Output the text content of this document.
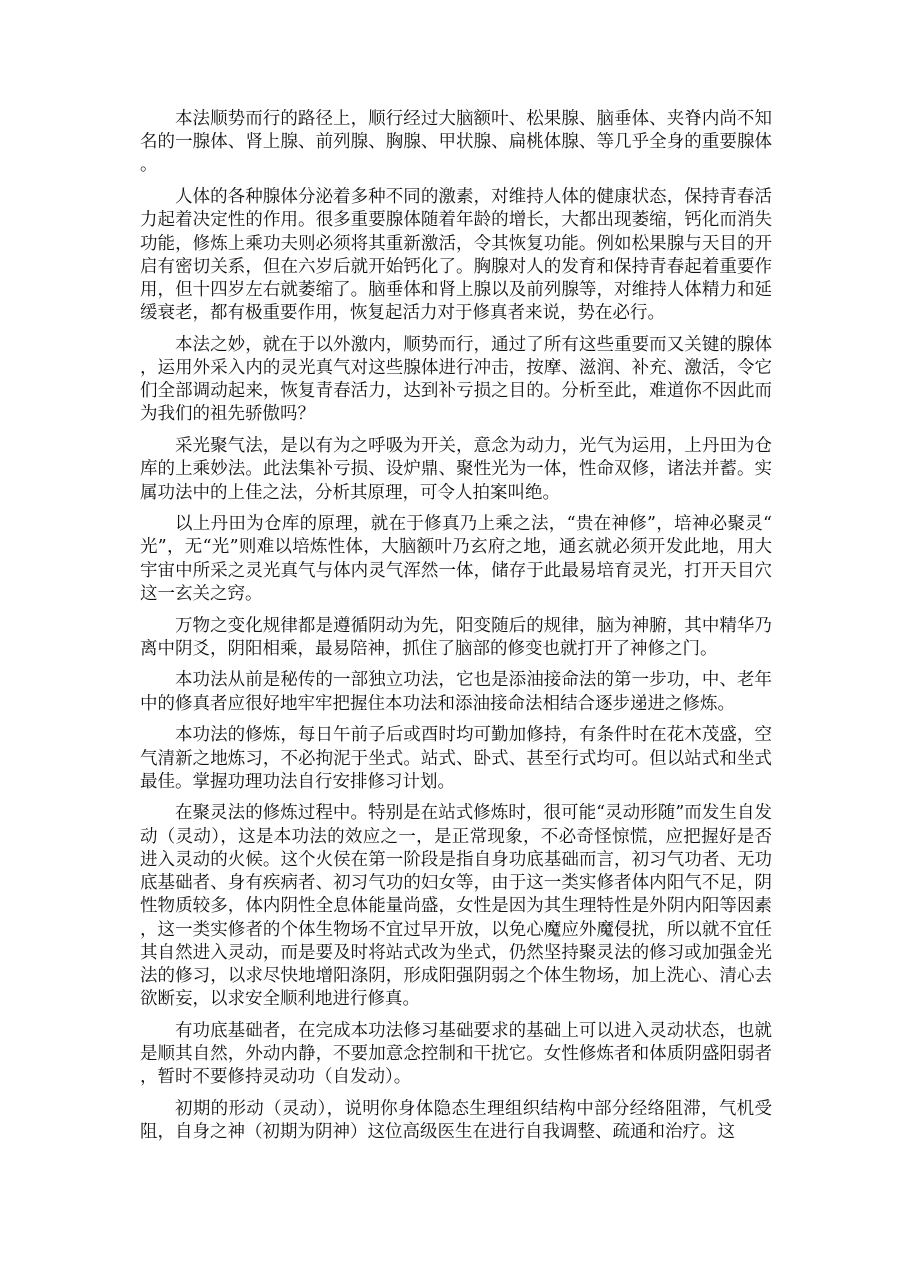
本法顺势而行的路径上，顺行经过大脑额叶、松果腺、脑垂体、夹脊内尚不知名的一腺体、肾上腺、前列腺、胸腺、甲状腺、扁桃体腺、等几乎全身的重要腺体。

人体的各种腺体分泌着多种不同的激素，对维持人体的健康状态，保持青春活力起着决定性的作用。很多重要腺体随着年龄的增长，大都出现萎缩，钙化而消失功能，修炼上乘功夫则必须将其重新激活，令其恢复功能。例如松果腺与天目的开启有密切关系，但在六岁后就开始钙化了。胸腺对人的发育和保持青春起着重要作用，但十四岁左右就萎缩了。脑垂体和肾上腺以及前列腺等，对维持人体精力和延缓衰老，都有极重要作用，恢复起活力对于修真者来说，势在必行。

本法之妙，就在于以外激内，顺势而行，通过了所有这些重要而又关键的腺体，运用外采入内的灵光真气对这些腺体进行冲击，按摩、滋润、补充、激活，令它们全部调动起来，恢复青春活力，达到补亏损之目的。分析至此，难道你不因此而为我们的祖先骄傲吗？

采光聚气法，是以有为之呼吸为开关，意念为动力，光气为运用，上丹田为仓库的上乘妙法。此法集补亏损、设炉鼎、聚性光为一体，性命双修，诸法并蓄。实属功法中的上佳之法，分析其原理，可令人拍案叫绝。

以上丹田为仓库的原理，就在于修真乃上乘之法，“贵在神修”，培神必聚灵“光”，无“光”则难以培炼性体，大脑额叶乃玄府之地，通玄就必须开发此地，用大宇宙中所采之灵光真气与体内灵气浑然一体，储存于此最易培育灵光，打开天目穴这一玄关之窍。

万物之变化规律都是遵循阴动为先，阳变随后的规律，脑为神腑，其中精华乃离中阴爻，阴阳相乘，最易陪神，抓住了脑部的修变也就打开了神修之门。

本功法从前是秘传的一部独立功法，它也是添油接命法的第一步功，中、老年中的修真者应很好地牢牢把握住本功法和添油接命法相结合逐步递进之修炼。

本功法的修炼，每日午前子后或酉时均可勤加修持，有条件时在花木茂盛，空气清新之地炼习，不必拘泥于坐式。站式、卧式、甚至行式均可。但以站式和坐式最佳。掌握功理功法自行安排修习计划。

在聚灵法的修炼过程中。特别是在站式修炼时，很可能“灵动形随”而发生自发动（灵动），这是本功法的效应之一，是正常现象，不必奇怪惊慌，应把握好是否进入灵动的火候。这个火侯在第一阶段是指自身功底基础而言，初习气功者、无功底基础者、身有疾病者、初习气功的妇女等，由于这一类实修者体内阳气不足，阴性物质较多，体内阴性全息体能量尚盛，女性是因为其生理特性是外阴内阳等因素，这一类实修者的个体生物场不宜过早开放，以免心魔应外魔侵扰，所以就不宜任其自然进入灵动，而是要及时将站式改为坐式，仍然坚持聚灵法的修习或加强金光法的修习，以求尽快地增阳涤阴，形成阳强阴弱之个体生物场，加上洗心、清心去欲断妄，以求安全顺利地进行修真。

有功底基础者，在完成本功法修习基础要求的基础上可以进入灵动状态，也就是顺其自然，外动内静，不要加意念控制和干扰它。女性修炼者和体质阴盛阳弱者，暂时不要修持灵动功（自发动）。

初期的形动（灵动），说明你身体隐态生理组织结构中部分经络阻滞，气机受阻，自身之神（初期为阴神）这位高级医生在进行自我调整、疏通和治疗。这
